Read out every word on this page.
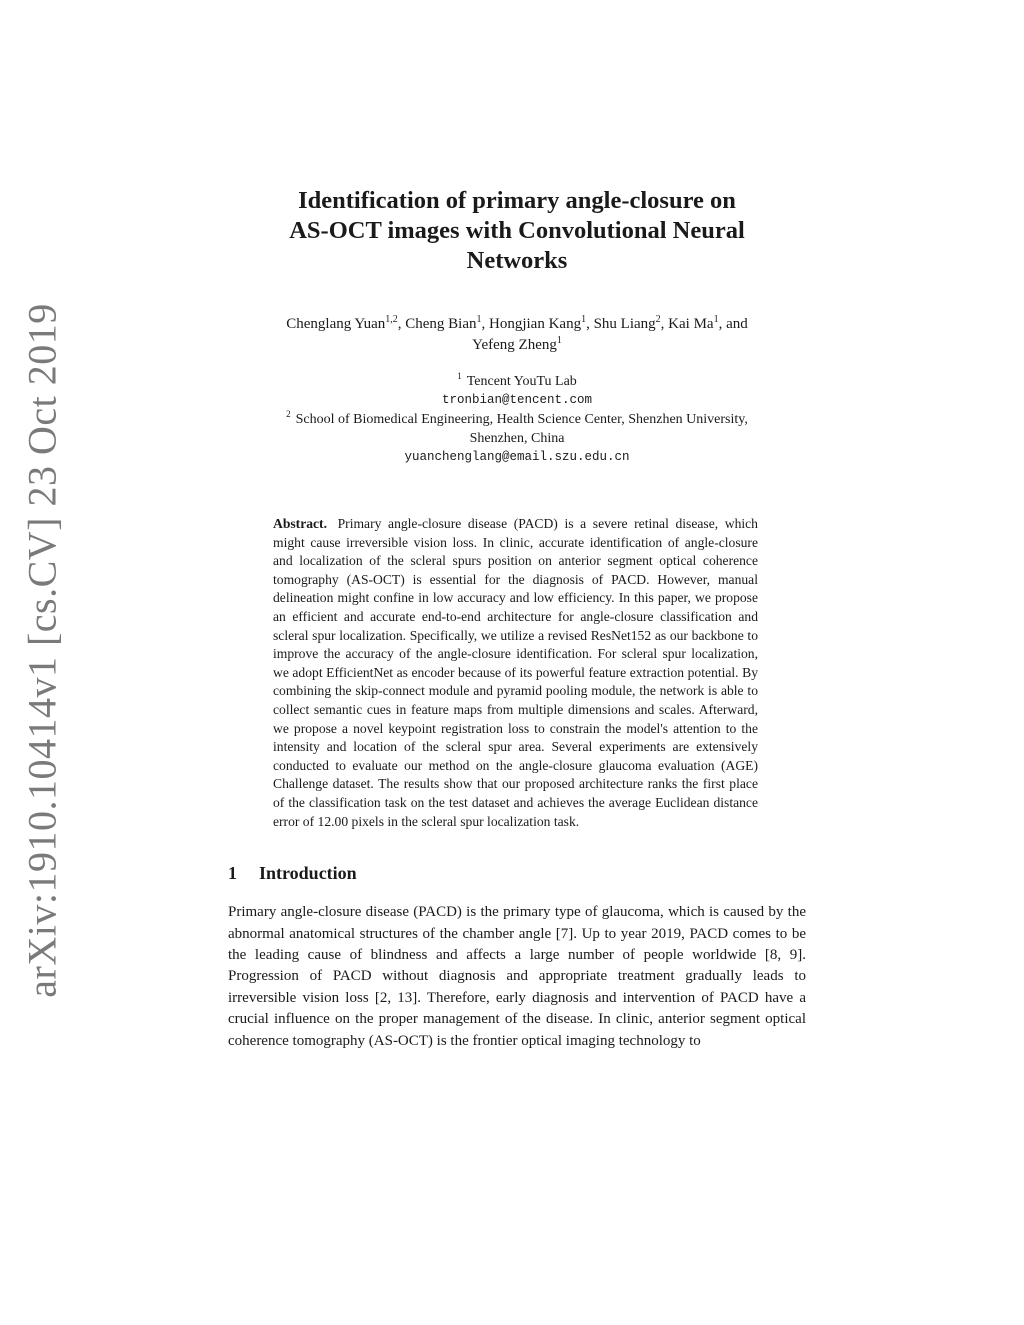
arXiv:1910.10414v1 [cs.CV] 23 Oct 2019
Identification of primary angle-closure on
AS-OCT images with Convolutional Neural
Networks
Chenglang Yuan$^{1,2}$, Cheng Bian$^1$, Hongjian Kang$^1$, Shu Liang$^2$, Kai Ma$^1$, and
Yefeng Zheng$^1$
$^1$ Tencent YouTu Lab
tronbian@tencent.com
$^2$ School of Biomedical Engineering, Health Science Center, Shenzhen University,
Shenzhen, China
yuanchenglang@email.szu.edu.cn
Abstract. Primary angle-closure disease (PACD) is a severe retinal disease, which might cause irreversible vision loss. In clinic, accurate identification of angle-closure and localization of the scleral spurs position on anterior segment optical coherence tomography (AS-OCT) is essential for the diagnosis of PACD. However, manual delineation might confine in low accuracy and low efficiency. In this paper, we propose an efficient and accurate end-to-end architecture for angle-closure classification and scleral spur localization. Specifically, we utilize a revised ResNet152 as our backbone to improve the accuracy of the angle-closure identification. For scleral spur localization, we adopt EfficientNet as encoder because of its powerful feature extraction potential. By combining the skip-connect module and pyramid pooling module, the network is able to collect semantic cues in feature maps from multiple dimensions and scales. Afterward, we propose a novel keypoint registration loss to constrain the model's attention to the intensity and location of the scleral spur area. Several experiments are extensively conducted to evaluate our method on the angle-closure glaucoma evaluation (AGE) Challenge dataset. The results show that our proposed architecture ranks the first place of the classification task on the test dataset and achieves the average Euclidean distance error of 12.00 pixels in the scleral spur localization task.
1 Introduction

Primary angle-closure disease (PACD) is the primary type of glaucoma, which is caused by the abnormal anatomical structures of the chamber angle [7]. Up to year 2019, PACD comes to be the leading cause of blindness and affects a large number of people worldwide [8, 9]. Progression of PACD without diagnosis and appropriate treatment gradually leads to irreversible vision loss [2, 13]. Therefore, early diagnosis and intervention of PACD have a crucial influence on the proper management of the disease. In clinic, anterior segment optical coherence tomography (AS-OCT) is the frontier optical imaging technology to
